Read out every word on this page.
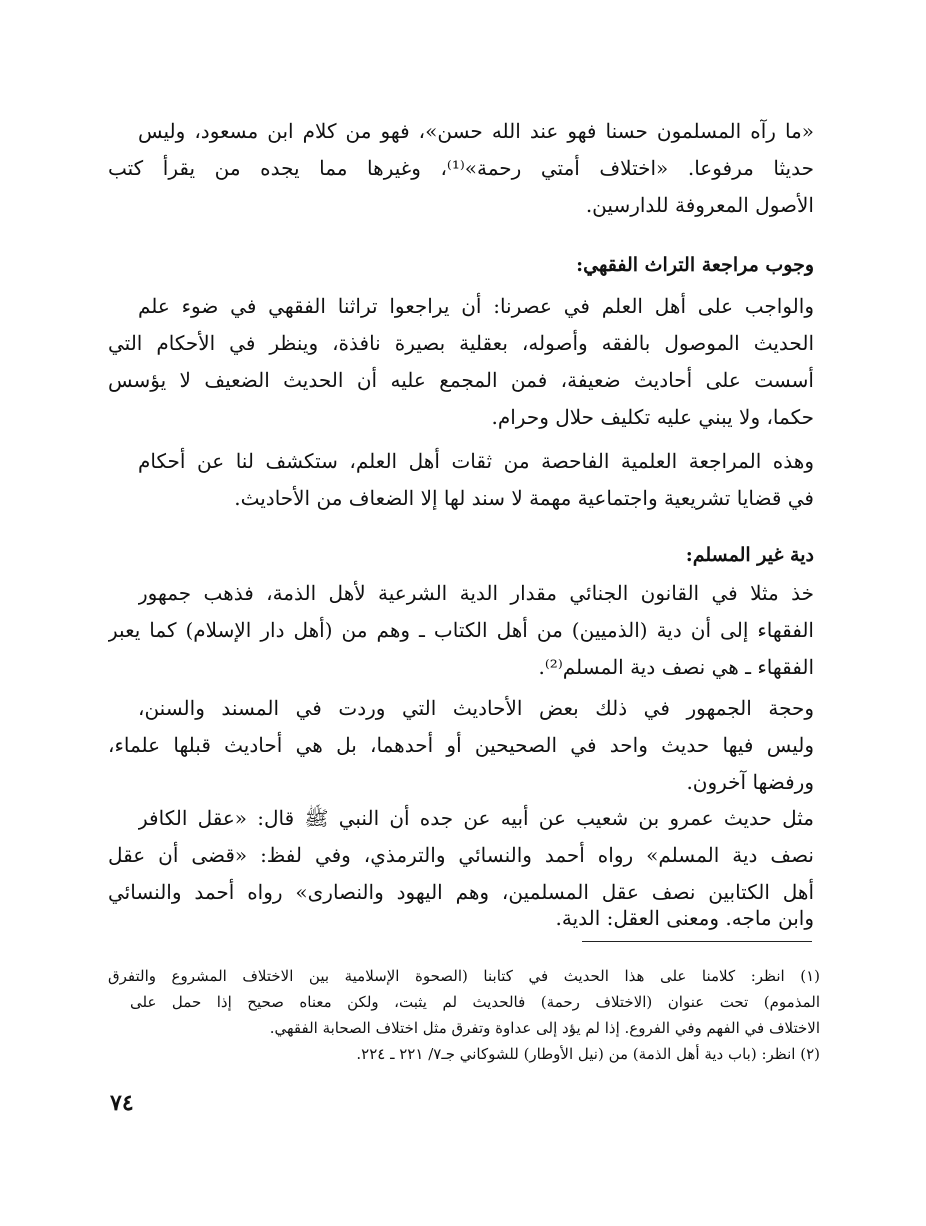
«ما رآه المسلمون حسنا فهو عند الله حسن»، فهو من كلام ابن مسعود، وليس
حديثا مرفوعا. «اختلاف أمتي رحمة»⁽¹⁾، وغيرها مما يجده من يقرأ كتب
الأصول المعروفة للدارسين.
وجوب مراجعة التراث الفقهي:
والواجب على أهل العلم في عصرنا: أن يراجعوا تراثنا الفقهي في ضوء علم
الحديث الموصول بالفقه وأصوله، بعقلية بصيرة نافذة، وينظر في الأحكام التي
أسست على أحاديث ضعيفة، فمن المجمع عليه أن الحديث الضعيف لا يؤسس
حكما، ولا يبني عليه تكليف حلال وحرام.
وهذه المراجعة العلمية الفاحصة من ثقات أهل العلم، ستكشف لنا عن أحكام
في قضايا تشريعية واجتماعية مهمة لا سند لها إلا الضعاف من الأحاديث.
دية غير المسلم:
خذ مثلا في القانون الجنائي مقدار الدية الشرعية لأهل الذمة، فذهب جمهور
الفقهاء إلى أن دية (الذميين) من أهل الكتاب ـ وهم من (أهل دار الإسلام) كما يعبر
الفقهاء ـ هي نصف دية المسلم⁽²⁾.
وحجة الجمهور في ذلك بعض الأحاديث التي وردت في المسند والسنن،
وليس فيها حديث واحد في الصحيحين أو أحدهما، بل هي أحاديث قبلها علماء،
ورفضها آخرون.
مثل حديث عمرو بن شعيب عن أبيه عن جده أن النبي ﷺ قال: «عقل الكافر
نصف دية المسلم» رواه أحمد والنسائي والترمذي، وفي لفظ: «قضى أن عقل
أهل الكتابين نصف عقل المسلمين، وهم اليهود والنصارى» رواه أحمد والنسائي
وابن ماجه. ومعنى العقل: الدية.
(١) انظر: كلامنا على هذا الحديث في كتابنا (الصحوة الإسلامية بين الاختلاف المشروع والتفرق
المذموم) تحت عنوان (الاختلاف رحمة) فالحديث لم يثبت، ولكن معناه صحيح إذا حمل على
الاختلاف في الفهم وفي الفروع. إذا لم يؤد إلى عداوة وتفرق مثل اختلاف الصحابة الفقهي.
(٢) انظر: (باب دية أهل الذمة) من (نيل الأوطار) للشوكاني جـ٧/ ٢٢١ ـ ٢٢٤.
٧٤
